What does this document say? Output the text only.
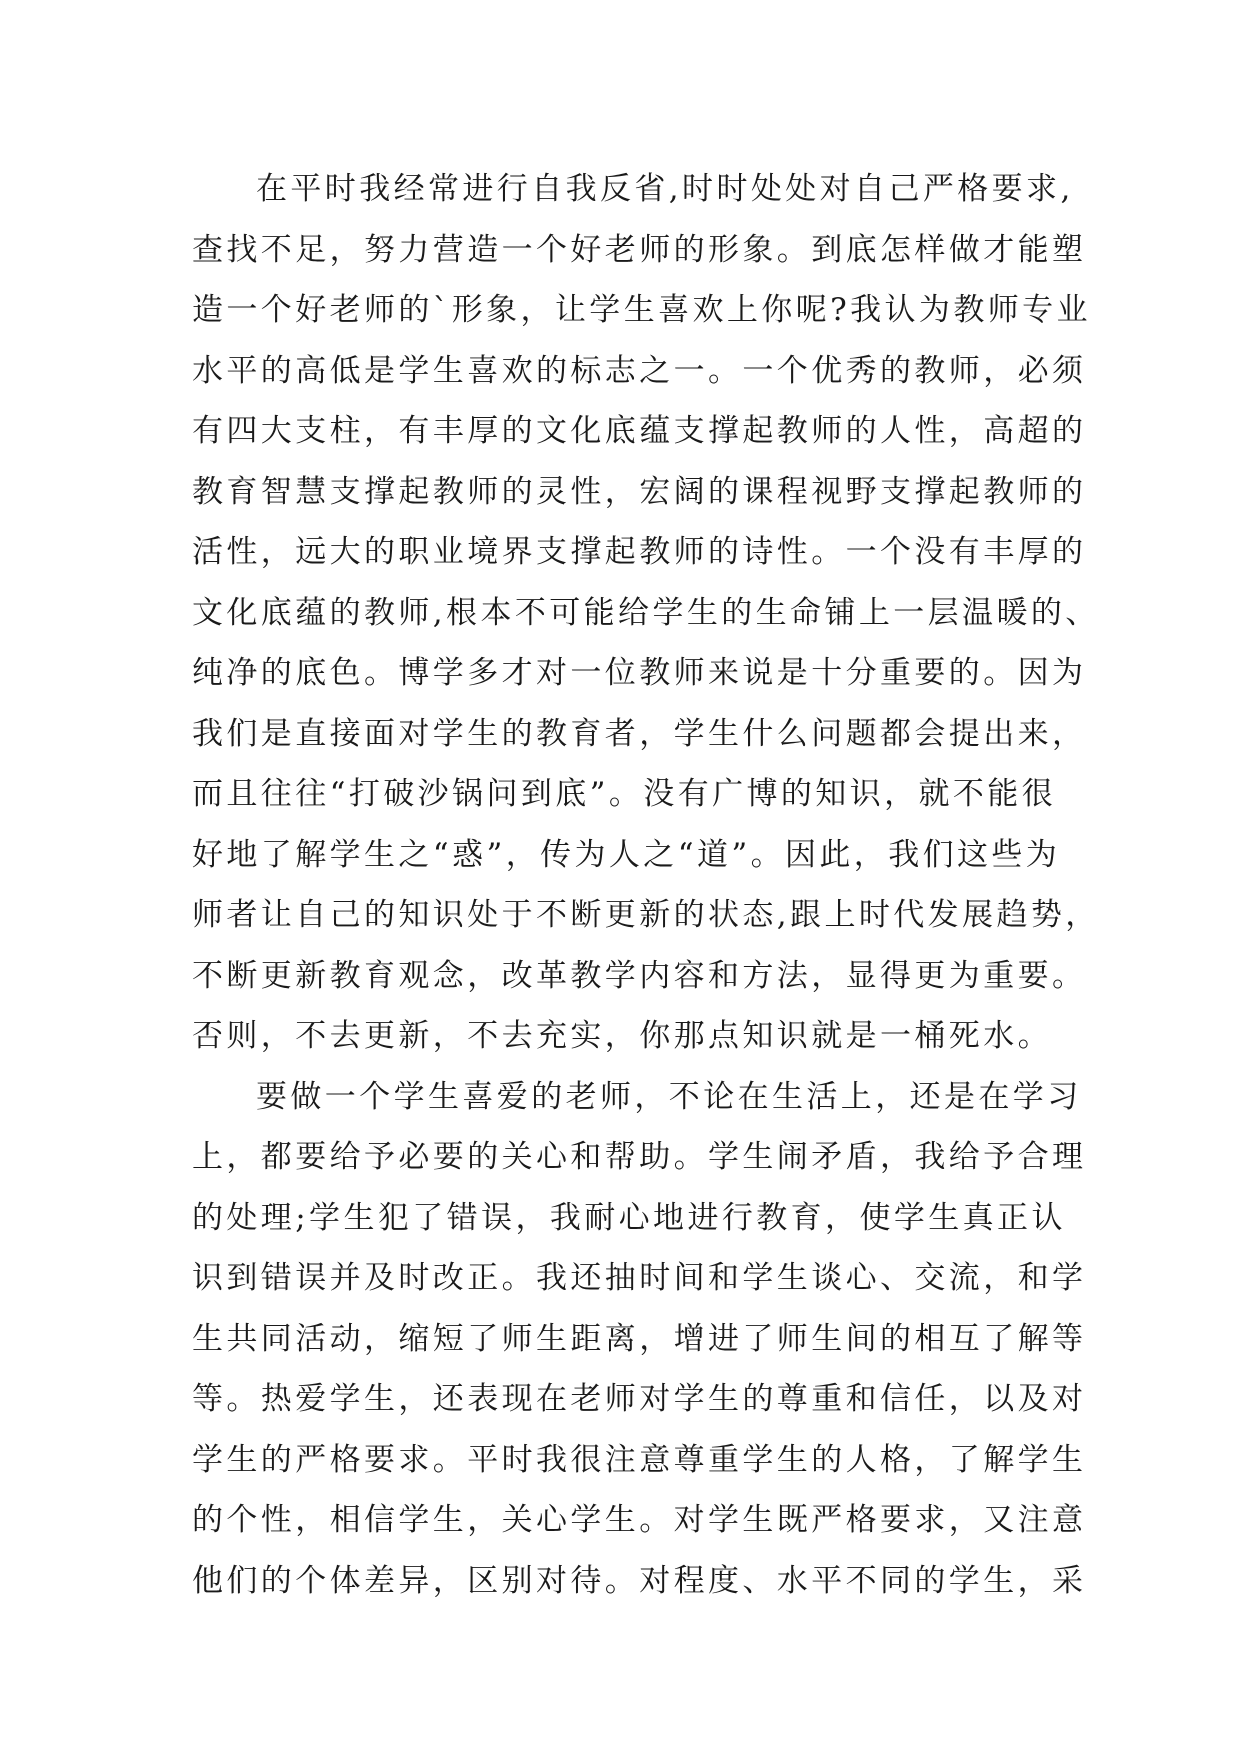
在平时我经常进行自我反省,时时处处对自己严格要求,
查找不足，努力营造一个好老师的形象。到底怎样做才能塑
造一个好老师的`形象，让学生喜欢上你呢?我认为教师专业
水平的高低是学生喜欢的标志之一。一个优秀的教师，必须
有四大支柱，有丰厚的文化底蕴支撑起教师的人性，高超的
教育智慧支撑起教师的灵性，宏阔的课程视野支撑起教师的
活性，远大的职业境界支撑起教师的诗性。一个没有丰厚的
文化底蕴的教师,根本不可能给学生的生命铺上一层温暖的、
纯净的底色。博学多才对一位教师来说是十分重要的。因为
我们是直接面对学生的教育者，学生什么问题都会提出来，
而且往往“打破沙锅问到底”。没有广博的知识，就不能很
好地了解学生之“惑”，传为人之“道”。因此，我们这些为
师者让自己的知识处于不断更新的状态,跟上时代发展趋势，
不断更新教育观念，改革教学内容和方法，显得更为重要。
否则，不去更新，不去充实，你那点知识就是一桶死水。
要做一个学生喜爱的老师，不论在生活上，还是在学习
上，都要给予必要的关心和帮助。学生闹矛盾，我给予合理
的处理;学生犯了错误，我耐心地进行教育，使学生真正认
识到错误并及时改正。我还抽时间和学生谈心、交流，和学
生共同活动，缩短了师生距离，增进了师生间的相互了解等
等。热爱学生，还表现在老师对学生的尊重和信任，以及对
学生的严格要求。平时我很注意尊重学生的人格，了解学生
的个性，相信学生，关心学生。对学生既严格要求，又注意
他们的个体差异，区别对待。对程度、水平不同的学生，采
